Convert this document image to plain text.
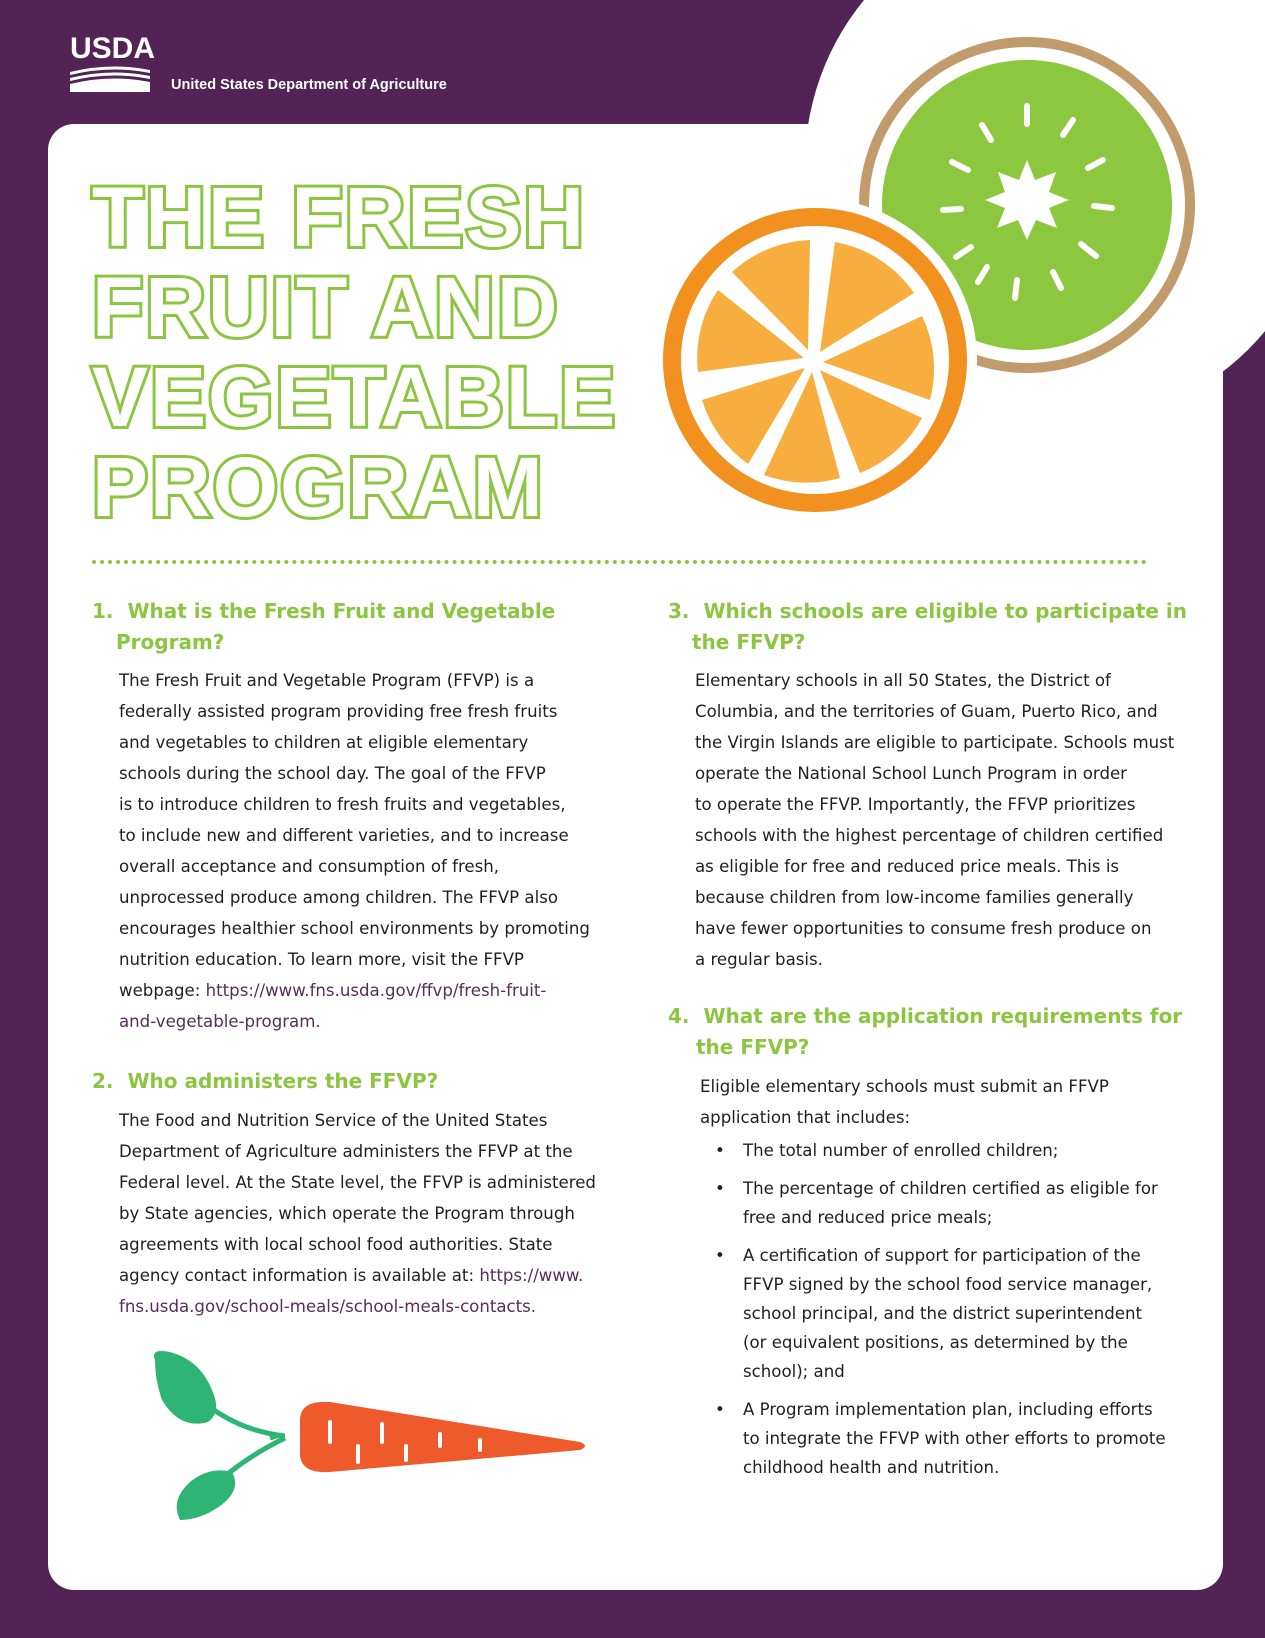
USDA
United States Department of Agriculture
THE FRESH
FRUIT AND
VEGETABLE
PROGRAM
1. What is the Fresh Fruit and Vegetable
Program?
The Fresh Fruit and Vegetable Program (FFVP) is a
federally assisted program providing free fresh fruits
and vegetables to children at eligible elementary
schools during the school day. The goal of the FFVP
is to introduce children to fresh fruits and vegetables,
to include new and different varieties, and to increase
overall acceptance and consumption of fresh,
unprocessed produce among children. The FFVP also
encourages healthier school environments by promoting
nutrition education. To learn more, visit the FFVP
webpage: https://www.fns.usda.gov/ffvp/fresh-fruit-
and-vegetable-program.
2. Who administers the FFVP?
The Food and Nutrition Service of the United States
Department of Agriculture administers the FFVP at the
Federal level. At the State level, the FFVP is administered
by State agencies, which operate the Program through
agreements with local school food authorities. State
agency contact information is available at: https://www.
fns.usda.gov/school-meals/school-meals-contacts.
3. Which schools are eligible to participate in
the FFVP?
Elementary schools in all 50 States, the District of
Columbia, and the territories of Guam, Puerto Rico, and
the Virgin Islands are eligible to participate. Schools must
operate the National School Lunch Program in order
to operate the FFVP. Importantly, the FFVP prioritizes
schools with the highest percentage of children certified
as eligible for free and reduced price meals. This is
because children from low-income families generally
have fewer opportunities to consume fresh produce on
a regular basis.
4. What are the application requirements for
the FFVP?
Eligible elementary schools must submit an FFVP
application that includes:
• The total number of enrolled children;
• The percentage of children certified as eligible for
free and reduced price meals;
• A certification of support for participation of the
FFVP signed by the school food service manager,
school principal, and the district superintendent
(or equivalent positions, as determined by the
school); and
• A Program implementation plan, including efforts
to integrate the FFVP with other efforts to promote
childhood health and nutrition.
